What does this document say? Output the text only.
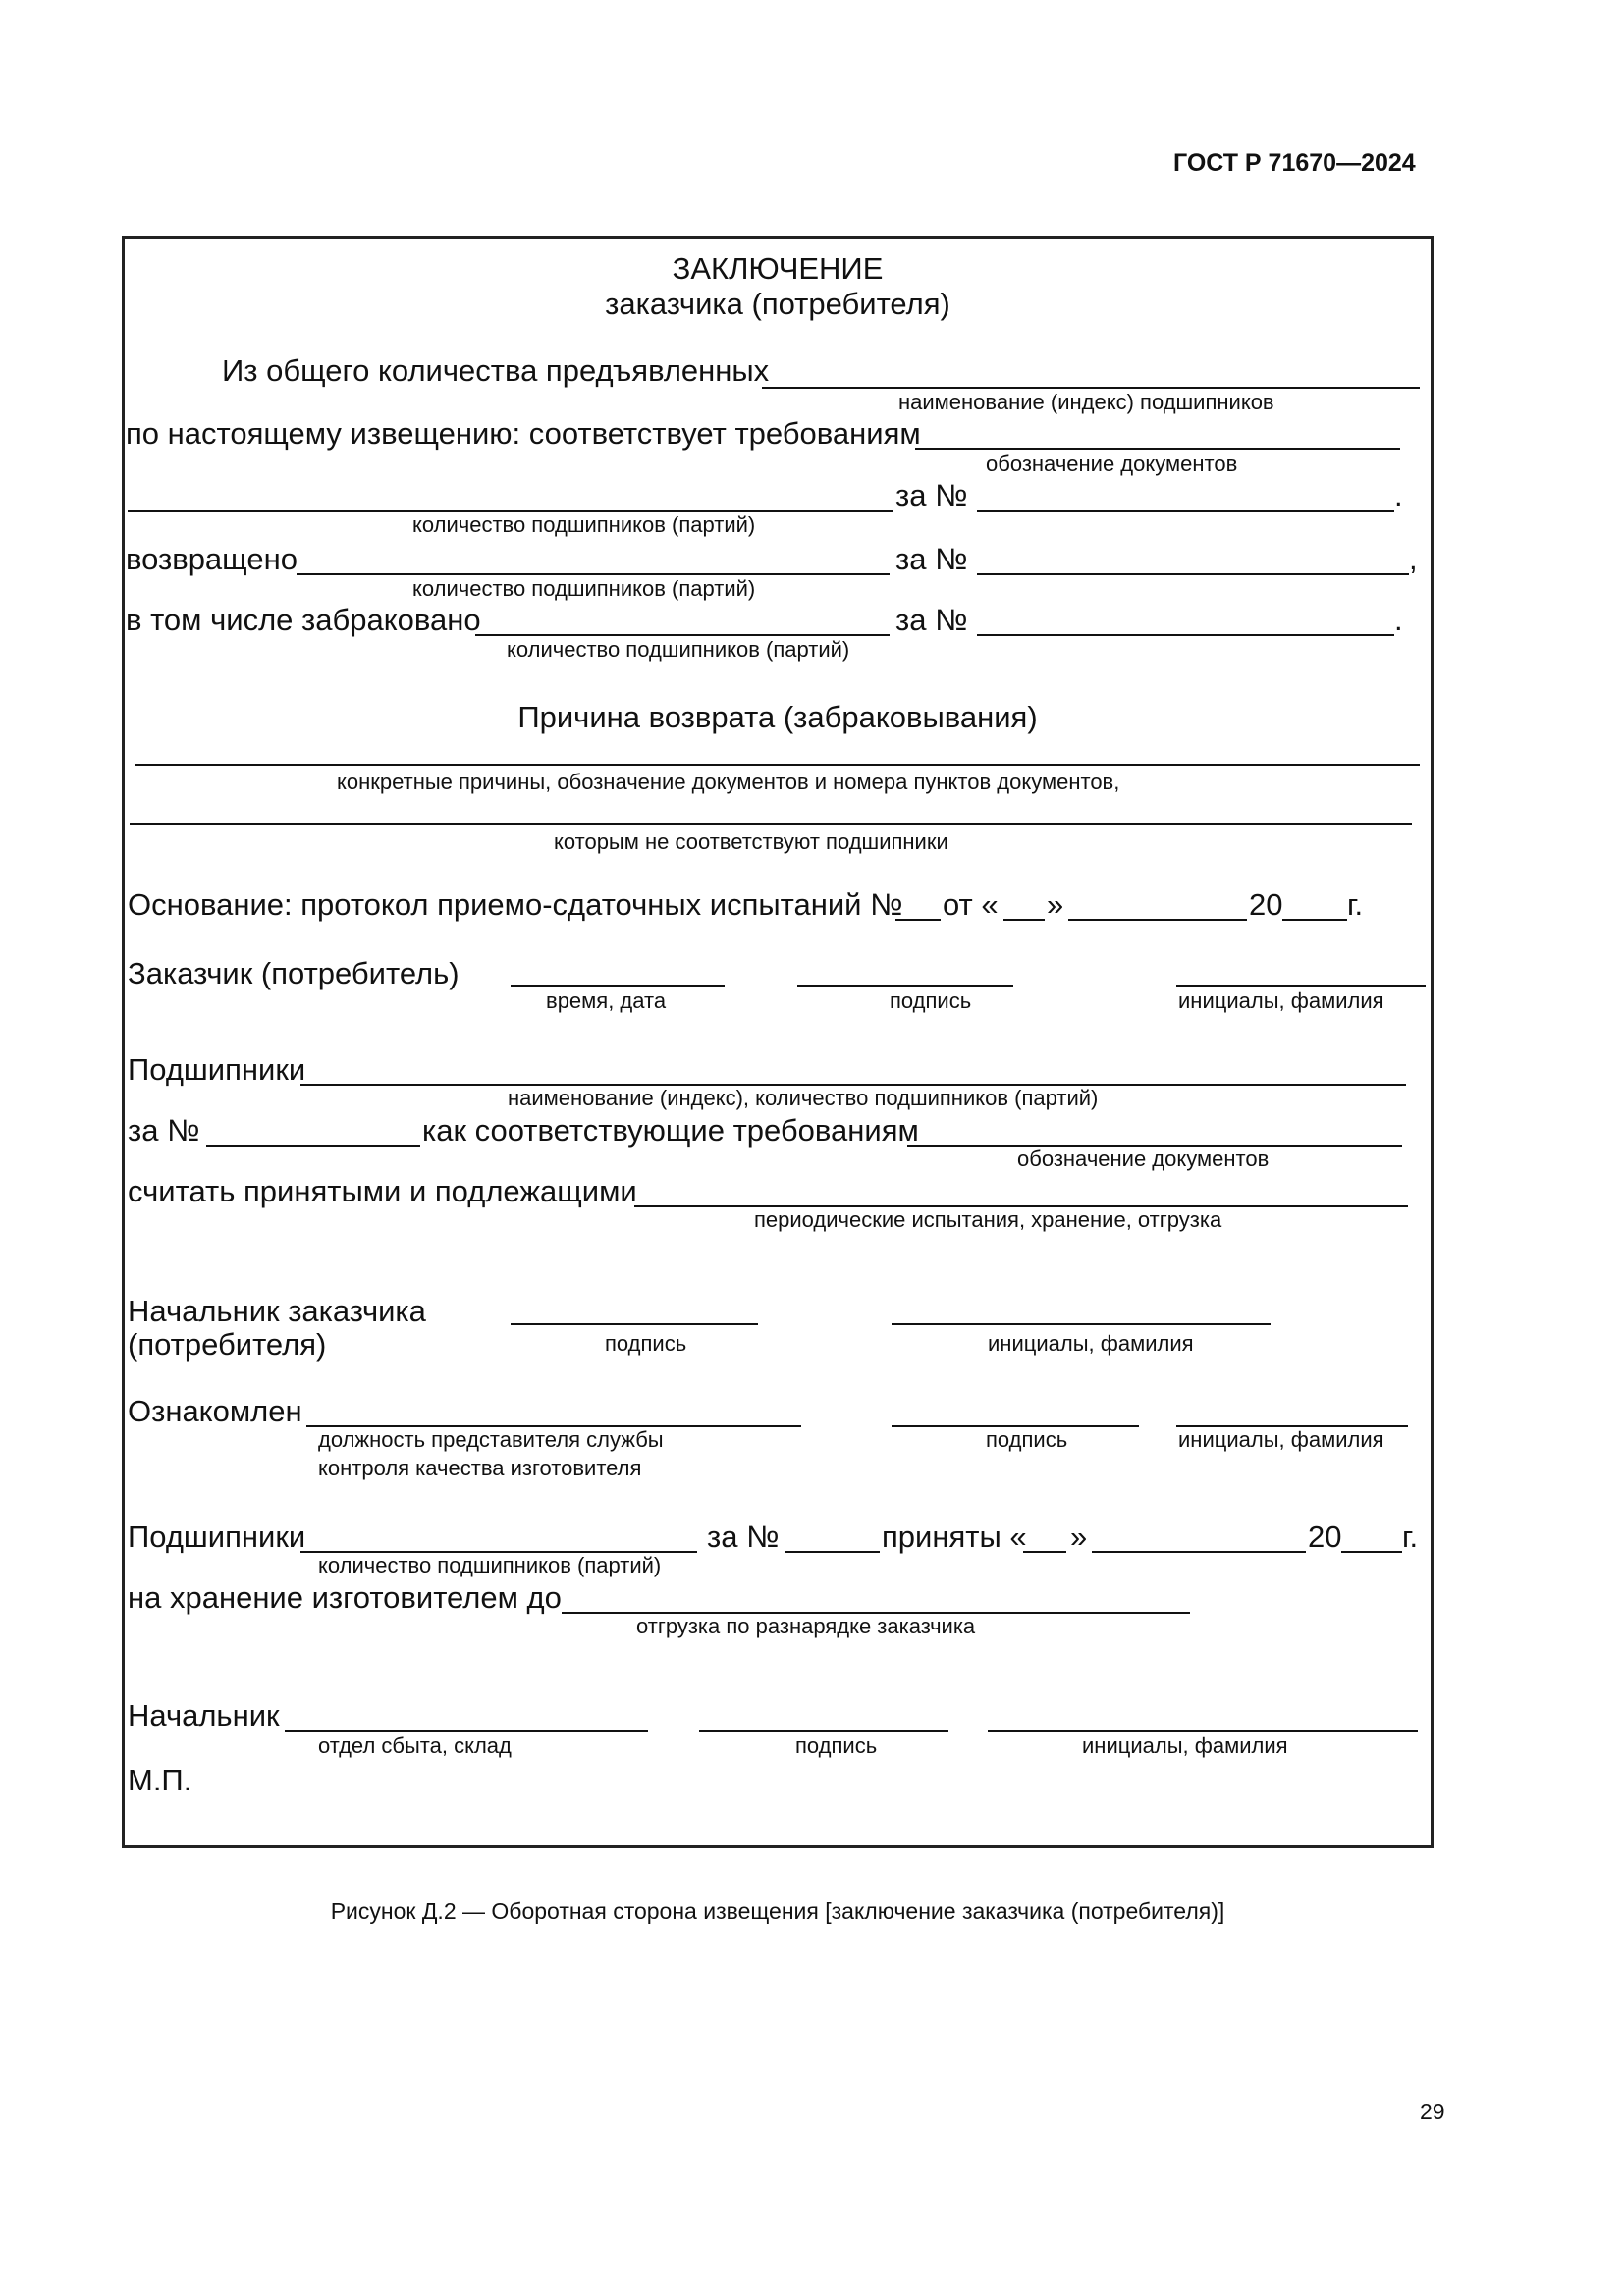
ГОСТ Р 71670—2024
ЗАКЛЮЧЕНИЕ
заказчика (потребителя)
Из общего количества предъявленных
наименование (индекс) подшипников
по настоящему извещению: соответствует требованиям
обозначение документов
за №	.
количество подшипников (партий)
возвращено	за №	,
количество подшипников (партий)
в том числе забраковано	за №	.
количество подшипников (партий)
Причина возврата (забраковывания)
конкретные причины, обозначение документов и номера пунктов документов,
которым не соответствуют подшипники
Основание: протокол приемо-сдаточных испытаний № от « »	20 г.
Заказчик (потребитель)
время, дата	подпись	инициалы, фамилия
Подшипники
наименование (индекс), количество подшипников (партий)
за №	как соответствующие требованиям
обозначение документов
считать принятыми и подлежащими
периодические испытания, хранение, отгрузка
Начальник заказчика
(потребителя)	подпись	инициалы, фамилия
Ознакомлен
должность представителя службы
контроля качества изготовителя
подпись	инициалы, фамилия
Подшипники
количество подшипников (партий)
за №	приняты « »	20 г.
на хранение изготовителем до
отгрузка по разнарядке заказчика
Начальник
отдел сбыта, склад	подпись	инициалы, фамилия
М.П.
Рисунок Д.2 — Оборотная сторона извещения [заключение заказчика (потребителя)]
29
